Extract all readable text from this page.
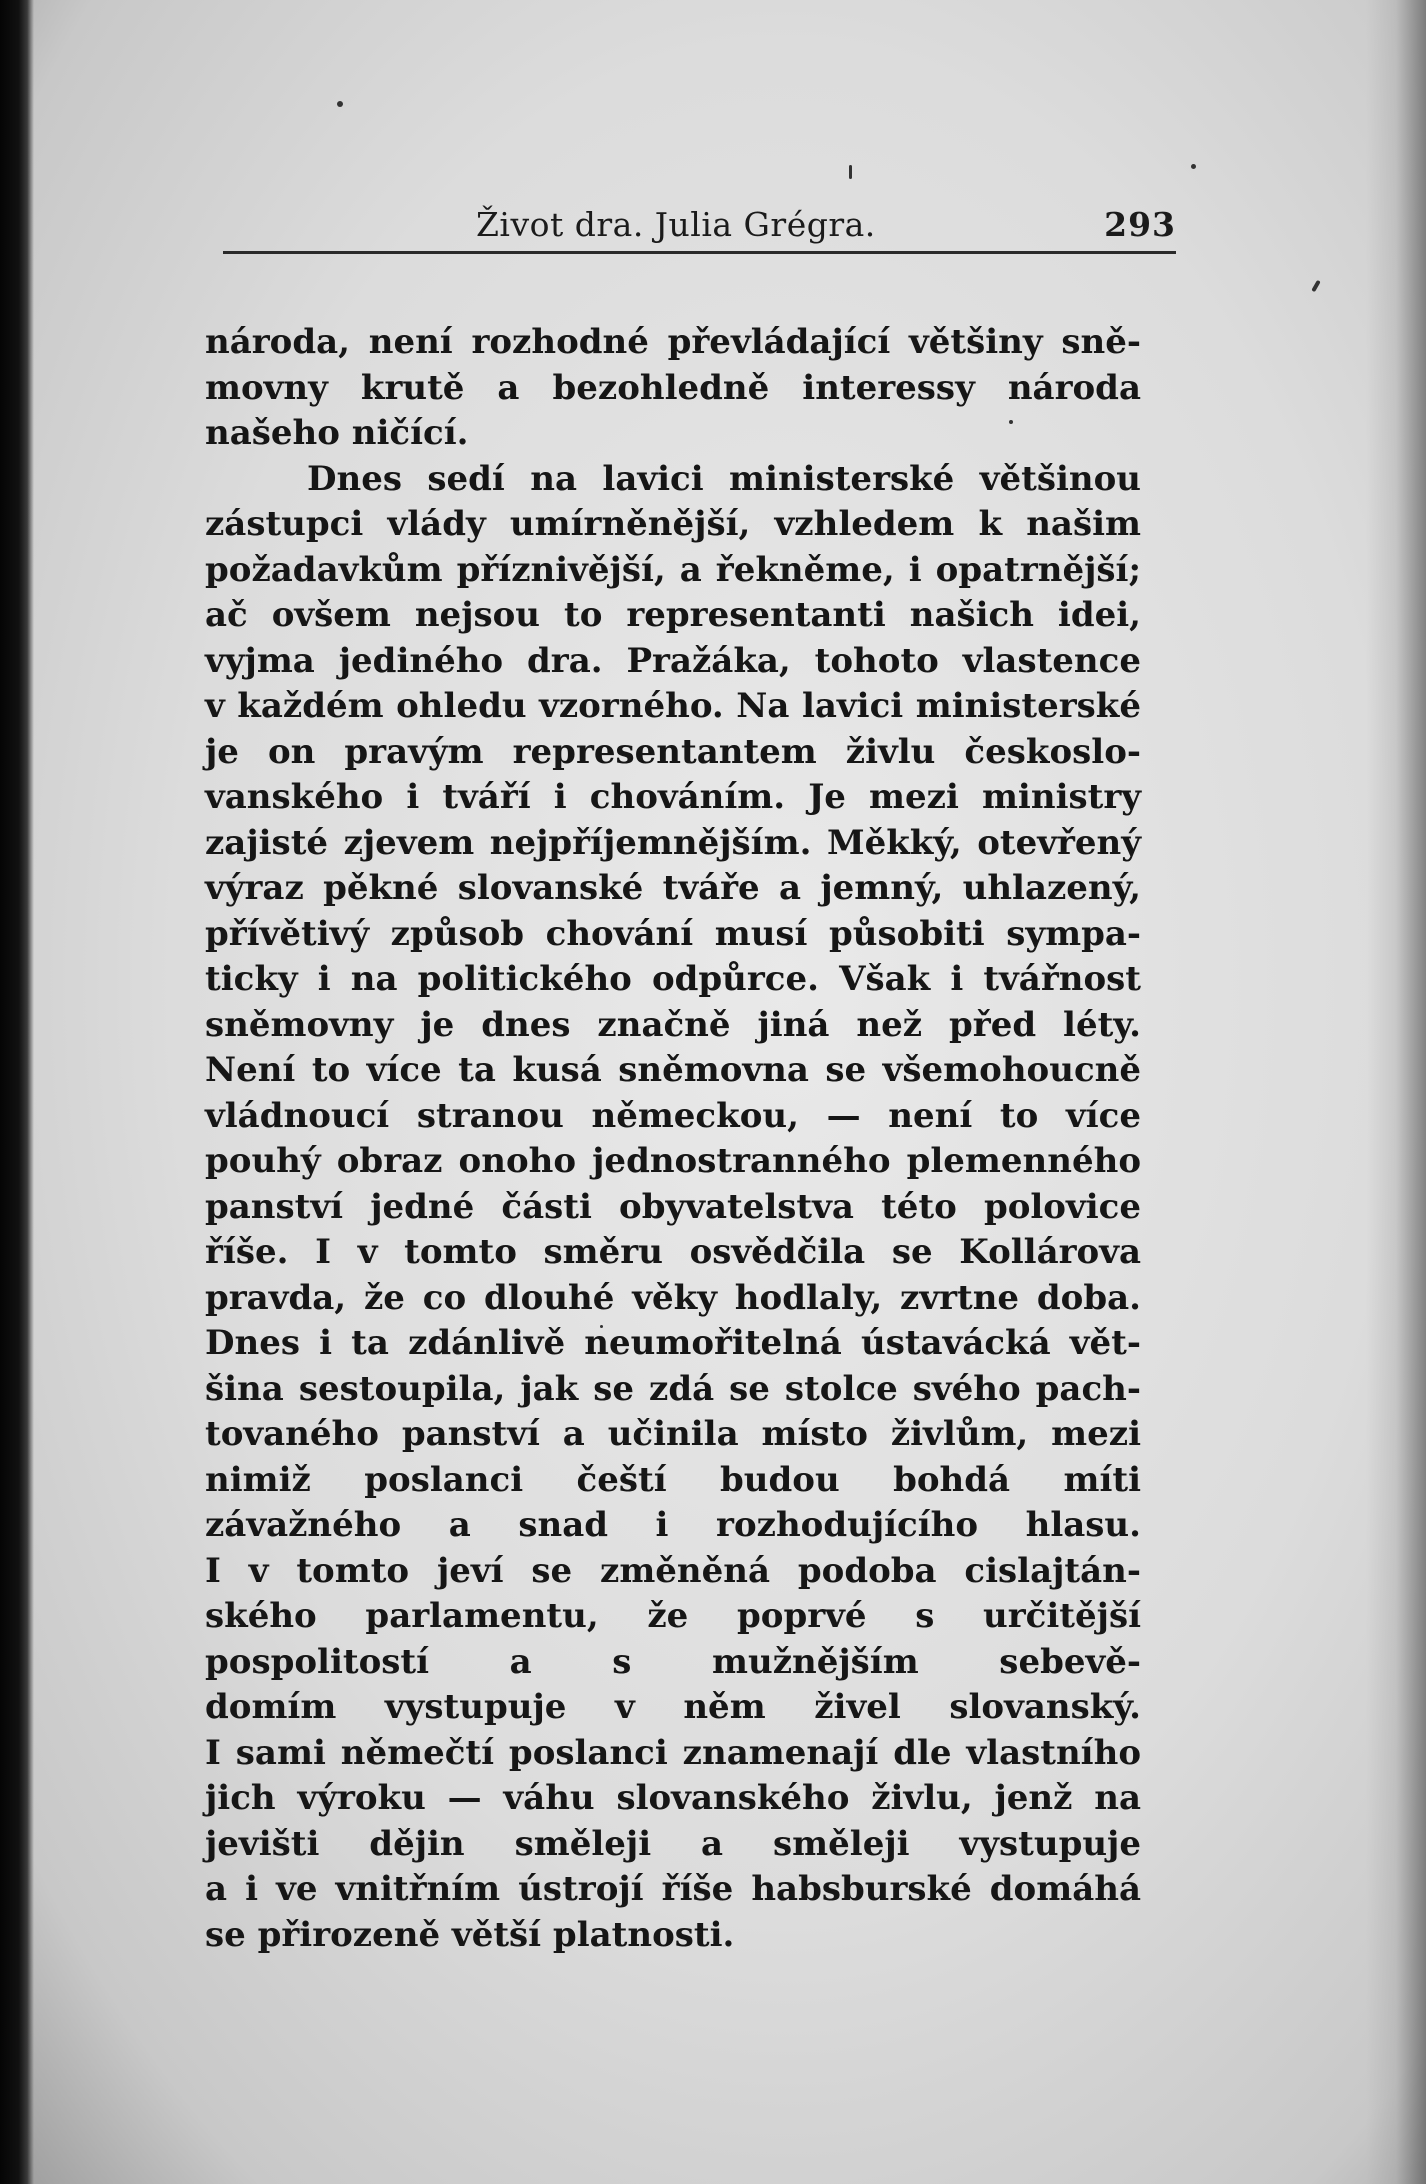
Život dra. Julia Grégra.	293
národa, není rozhodné převládající většiny sně-
movny krutě a bezohledně interessy národa
našeho ničící.
Dnes sedí na lavici ministerské většinou
zástupci vlády umírněnější, vzhledem k našim
požadavkům příznivější, a řekněme, i opatrnější;
ač ovšem nejsou to representanti našich idei,
vyjma jediného dra. Pražáka, tohoto vlastence
v každém ohledu vzorného. Na lavici ministerské
je on pravým representantem živlu českoslo-
vanského i tváří i chováním. Je mezi ministry
zajisté zjevem nejpříjemnějším. Měkký, otevřený
výraz pěkné slovanské tváře a jemný, uhlazený,
přívětivý způsob chování musí působiti sympa-
ticky i na politického odpůrce. Však i tvářnost
sněmovny je dnes značně jiná než před léty.
Není to více ta kusá sněmovna se všemohoucně
vládnoucí stranou německou, — není to více
pouhý obraz onoho jednostranného plemenného
panství jedné části obyvatelstva této polovice
říše. I v tomto směru osvědčila se Kollárova
pravda, že co dlouhé věky hodlaly, zvrtne doba.
Dnes i ta zdánlivě neumořitelná ústavácká vět-
šina sestoupila, jak se zdá se stolce svého pach-
tovaného panství a učinila místo živlům, mezi
nimiž poslanci čeští budou bohdá míti
závažného a snad i rozhodujícího hlasu.
I v tomto jeví se změněná podoba cislajtán-
ského parlamentu, že poprvé s určitější
pospolitostí a s mužnějším sebevě-
domím vystupuje v něm živel slovanský.
I sami němečtí poslanci znamenají dle vlastního
jich výroku — váhu slovanského živlu, jenž na
jevišti dějin směleji a směleji vystupuje
a i ve vnitřním ústrojí říše habsburské domáhá
se přirozeně větší platnosti.
